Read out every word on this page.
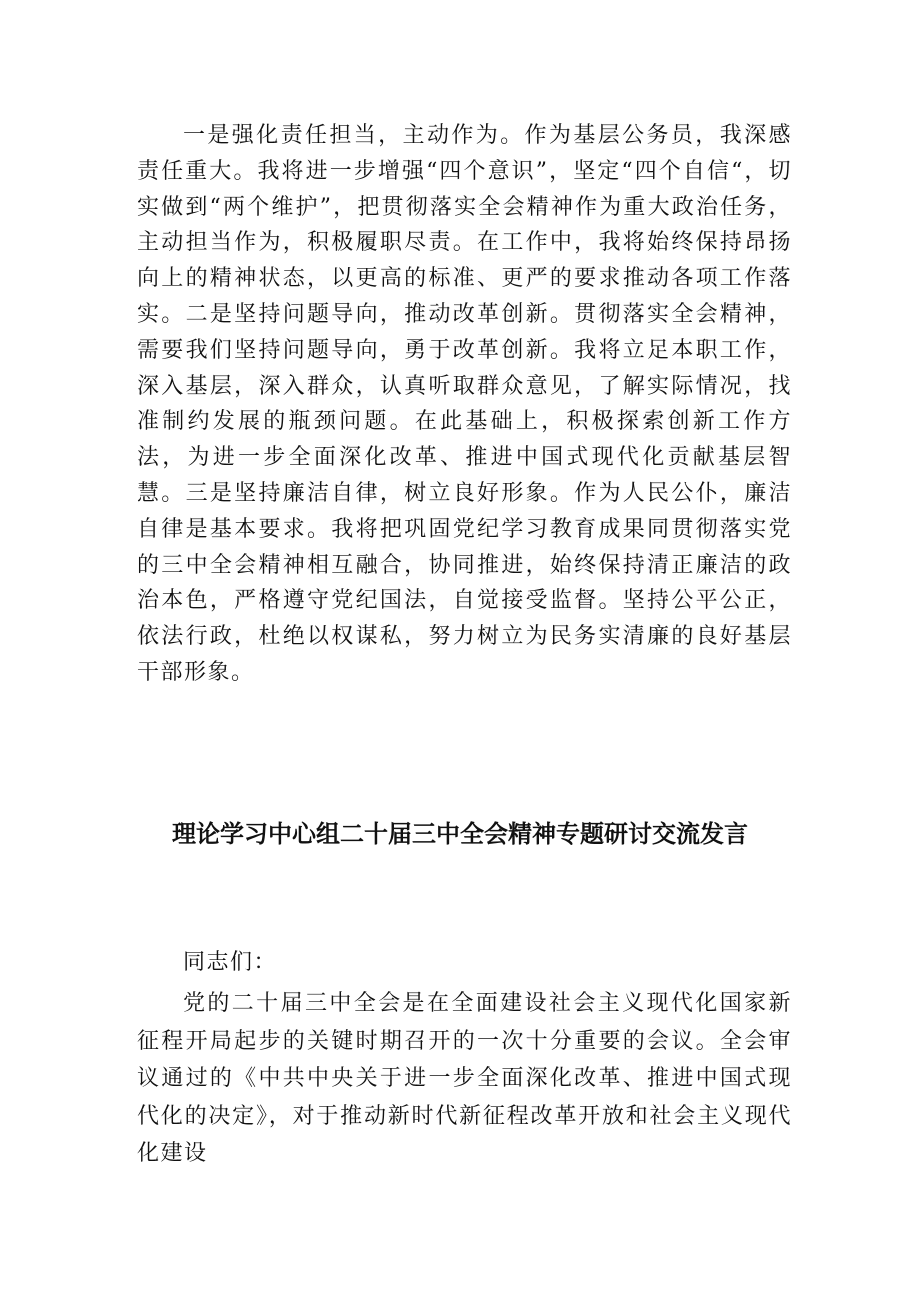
一是强化责任担当，主动作为。作为基层公务员，我深感责任重大。我将进一步增强“四个意识”，坚定“四个自信“，切实做到“两个维护”，把贯彻落实全会精神作为重大政治任务，主动担当作为，积极履职尽责。在工作中，我将始终保持昂扬向上的精神状态，以更高的标准、更严的要求推动各项工作落实。二是坚持问题导向，推动改革创新。贯彻落实全会精神，需要我们坚持问题导向，勇于改革创新。我将立足本职工作，深入基层，深入群众，认真听取群众意见，了解实际情况，找准制约发展的瓶颈问题。在此基础上，积极探索创新工作方法，为进一步全面深化改革、推进中国式现代化贡献基层智慧。三是坚持廉洁自律，树立良好形象。作为人民公仆，廉洁自律是基本要求。我将把巩固党纪学习教育成果同贯彻落实党的三中全会精神相互融合，协同推进，始终保持清正廉洁的政治本色，严格遵守党纪国法，自觉接受监督。坚持公平公正，依法行政，杜绝以权谋私，努力树立为民务实清廉的良好基层干部形象。

理论学习中心组二十届三中全会精神专题研讨交流发言

同志们：

党的二十届三中全会是在全面建设社会主义现代化国家新征程开局起步的关键时期召开的一次十分重要的会议。全会审议通过的《中共中央关于进一步全面深化改革、推进中国式现代化的决定》，对于推动新时代新征程改革开放和社会主义现代化建设
